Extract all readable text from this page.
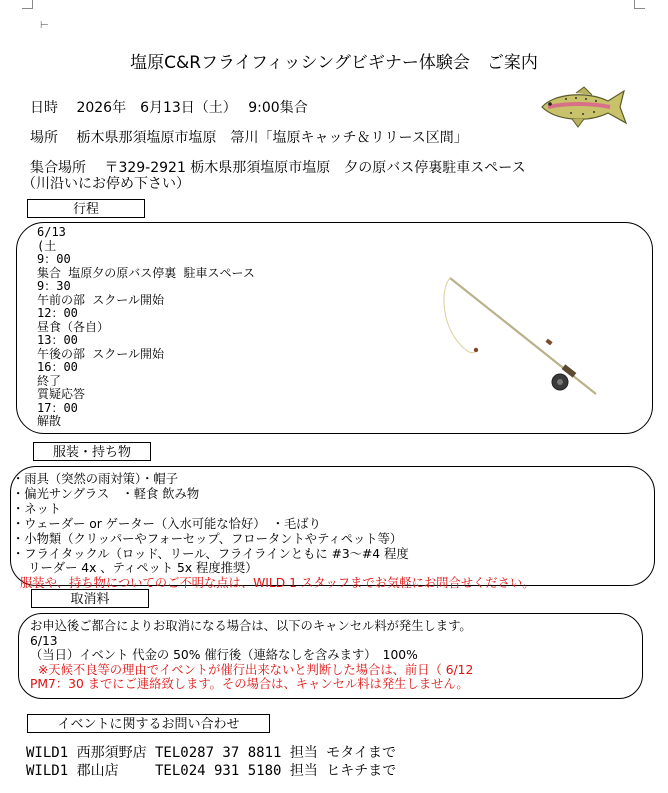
⊢
塩原C&Rフライフィッシングビギナー体験会　ご案内
日時　 2026年　6月13日（土）　 9:00集合
場所　 栃木県那須塩原市塩原　箒川「塩原キャッチ＆リリース区間」
集合場所　 〒329-2921 栃木県那須塩原市塩原　夕の原バス停裏駐車スペース
（川沿いにお停め下さい）
行程
6/13
(土
9：00
集合 塩原夕の原バス停裏 駐車スペース
9：30
午前の部 スクール開始
12：00
昼食（各自）
13：00
午後の部 スクール開始
16：00
終了
質疑応答
17：00
解散
服装・持ち物
・雨具（突然の雨対策）・帽子
・偏光サングラス　・軽食 飲み物
・ネット
・ウェーダー or ゲーター（入水可能な恰好）　・毛ばり
・小物類（クリッパーやフォーセップ、フロータントやティペット等）
・フライタックル（ロッド、リール、フライラインともに #3～#4 程度
　 リーダー 4x 、ティペット 5x 程度推奨）
服装や、持ち物についてのご不明な点は、WILD 1 スタッフまでお気軽にお問合せください。
取消料
お申込後ご都合によりお取消になる場合は、以下のキャンセル料が発生します。
6/13
（当日）イベント 代金の 50% 催行後（連絡なしを含みます）　100%
※天候不良等の理由でイベントが催行出来ないと判断した場合は、前日（ 6/12
PM7：30 までにご連絡致します。その場合は、キャンセル料は発生しません。
イベントに関するお問い合わせ
WILD1 西那須野店 TEL0287 37 8811 担当 モタイまで
WILD1 郡山店 　　TEL024 931 5180 担当 ヒキチまで
